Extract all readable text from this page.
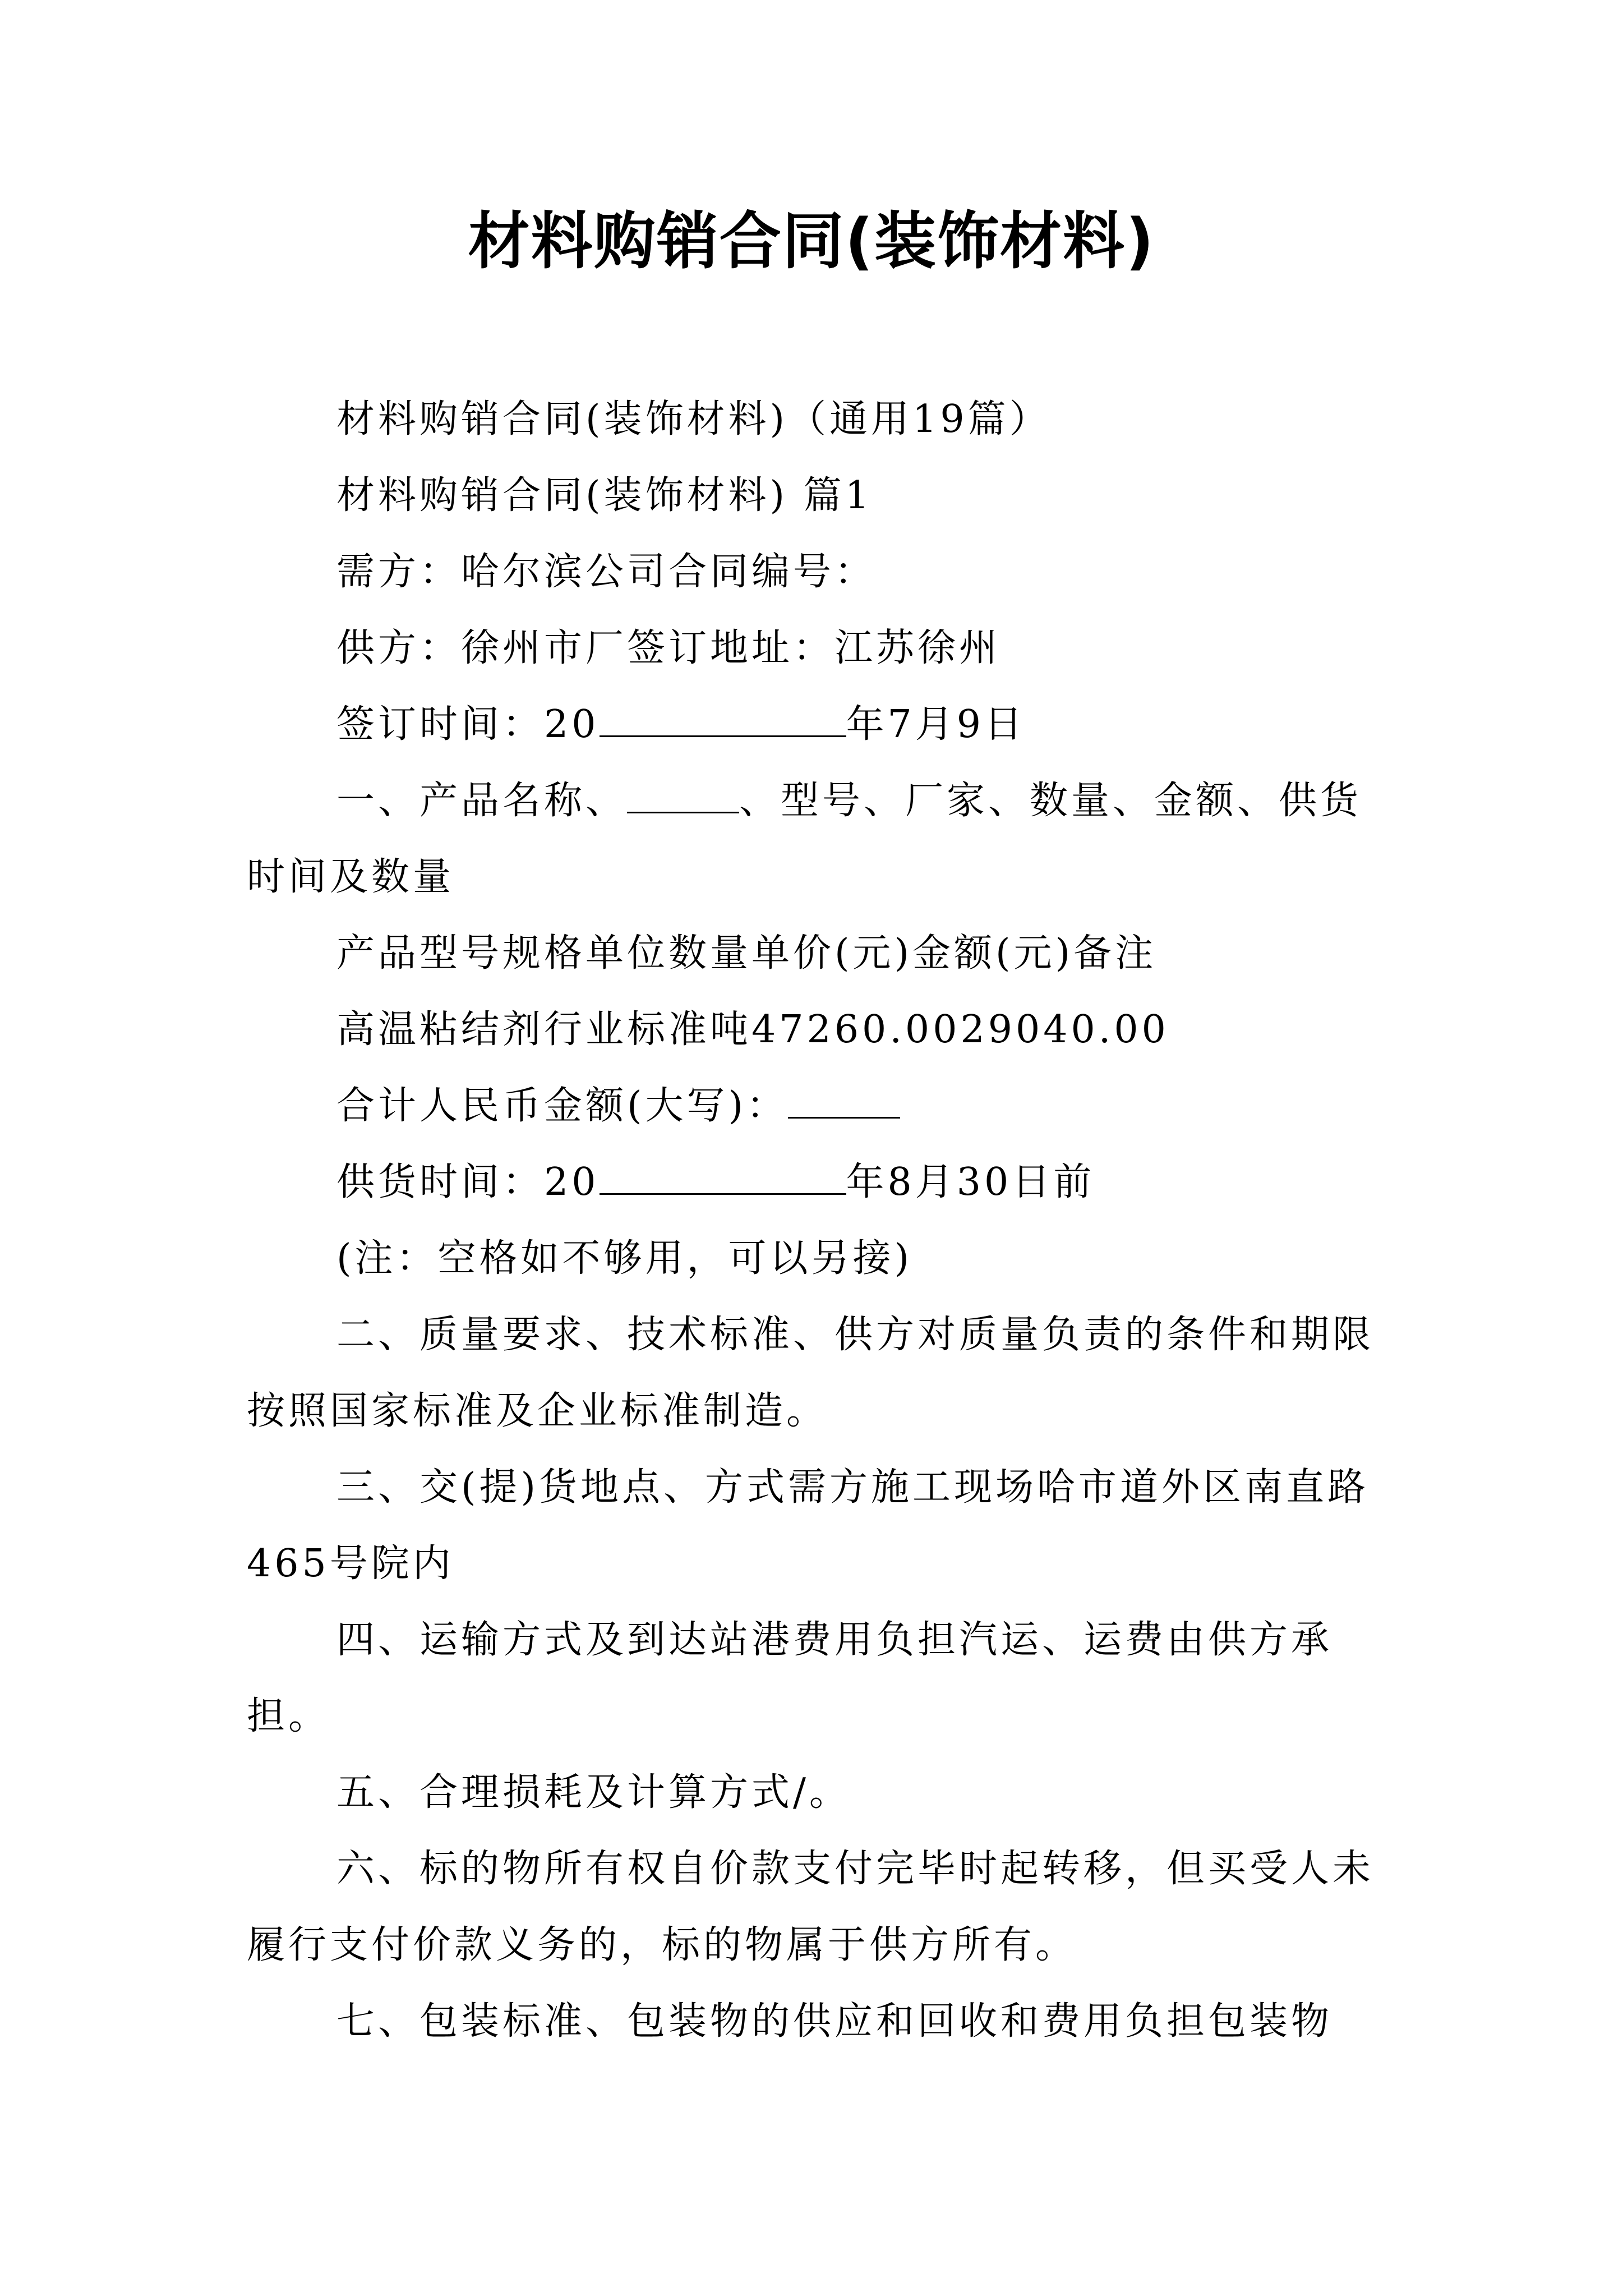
材料购销合同(装饰材料)

材料购销合同(装饰材料)（通用19篇）

材料购销合同(装饰材料) 篇1

需方：哈尔滨公司合同编号：

供方：徐州市厂签订地址：江苏徐州

签订时间：20	年7月9日

一、产品名称、	、型号、厂家、数量、金额、供货时间及数量

产品型号规格单位数量单价(元)金额(元)备注

高温粘结剂行业标准吨47260.0029040.00

合计人民币金额(大写)：

供货时间：20	年8月30日前

(注：空格如不够用，可以另接)

二、质量要求、技术标准、供方对质量负责的条件和期限按照国家标准及企业标准制造。

三、交(提)货地点、方式需方施工现场哈市道外区南直路465号院内

四、运输方式及到达站港费用负担汽运、运费由供方承担。

五、合理损耗及计算方式/。

六、标的物所有权自价款支付完毕时起转移，但买受人未履行支付价款义务的，标的物属于供方所有。

七、包装标准、包装物的供应和回收和费用负担包装物
